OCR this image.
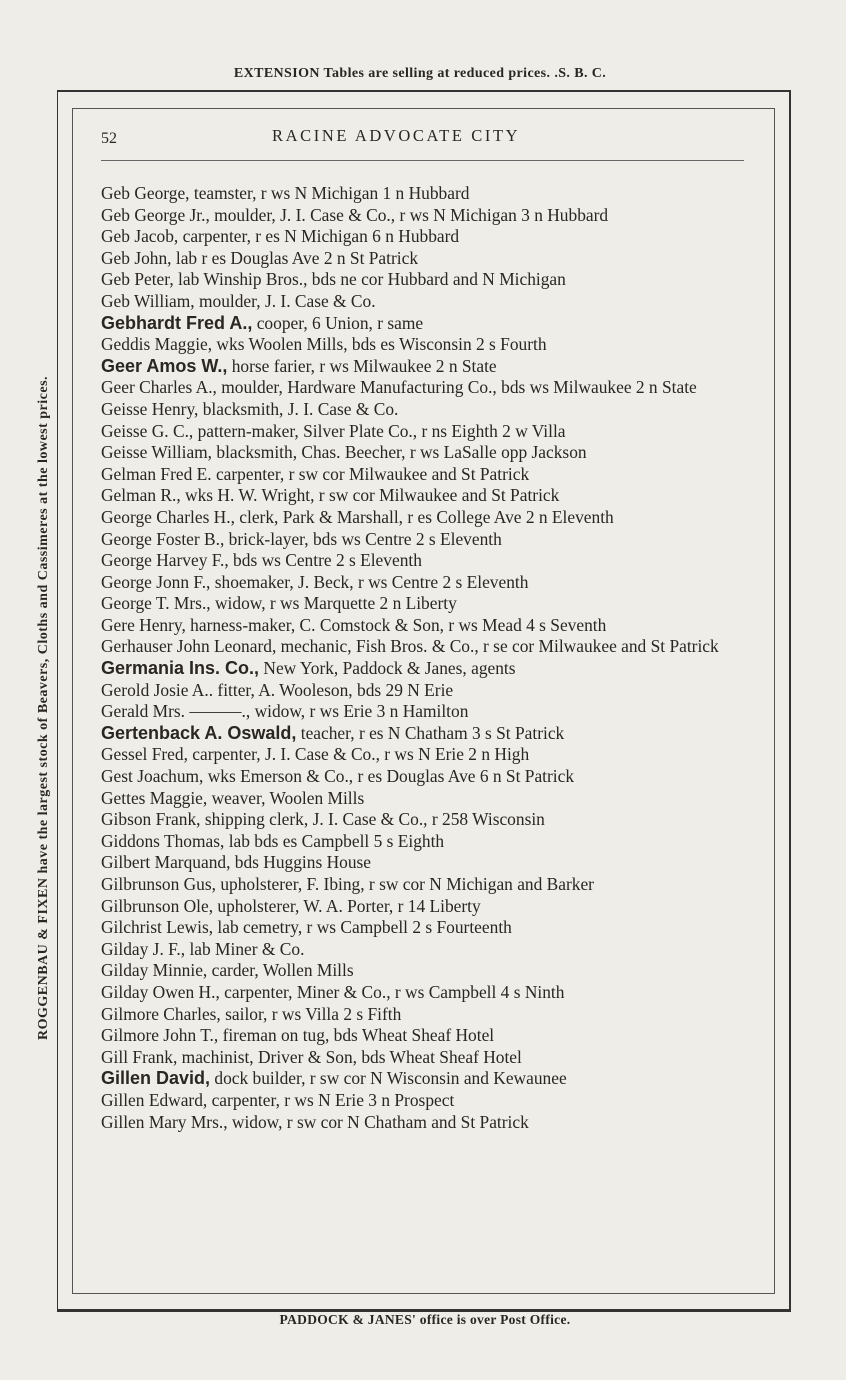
EXTENSION Tables are selling at reduced prices. .S. B. C.
ROGGENBAU & FIXEN have the largest stock of Beavers, Cloths and Cassimeres at the lowest prices.
52	RACINE ADVOCATE CITY
Geb George, teamster, r ws N Michigan 1 n Hubbard
Geb George Jr., moulder, J. I. Case & Co., r ws N Michigan 3 n Hubbard
Geb Jacob, carpenter, r es N Michigan 6 n Hubbard
Geb John, lab r es Douglas Ave 2 n St Patrick
Geb Peter, lab Winship Bros., bds ne cor Hubbard and N Michigan
Geb William, moulder, J. I. Case & Co.
Gebhardt Fred A., cooper, 6 Union, r same
Geddis Maggie, wks Woolen Mills, bds es Wisconsin 2 s Fourth
Geer Amos W., horse farier, r ws Milwaukee 2 n State
Geer Charles A., moulder, Hardware Manufacturing Co., bds ws Milwaukee 2 n State
Geisse Henry, blacksmith, J. I. Case & Co.
Geisse G. C., pattern-maker, Silver Plate Co., r ns Eighth 2 w Villa
Geisse William, blacksmith, Chas. Beecher, r ws LaSalle opp Jackson
Gelman Fred E. carpenter, r sw cor Milwaukee and St Patrick
Gelman R., wks H. W. Wright, r sw cor Milwaukee and St Patrick
George Charles H., clerk, Park & Marshall, r es College Ave 2 n Eleventh
George Foster B., brick-layer, bds ws Centre 2 s Eleventh
George Harvey F., bds ws Centre 2 s Eleventh
George Jonn F., shoemaker, J. Beck, r ws Centre 2 s Eleventh
George T. Mrs., widow, r ws Marquette 2 n Liberty
Gere Henry, harness-maker, C. Comstock & Son, r ws Mead 4 s Seventh
Gerhauser John Leonard, mechanic, Fish Bros. & Co., r se cor Milwaukee and St Patrick
Germania Ins. Co., New York, Paddock & Janes, agents
Gerold Josie A.. fitter, A. Wooleson, bds 29 N Erie
Gerald Mrs. ———., widow, r ws Erie 3 n Hamilton
Gertenback A. Oswald, teacher, r es N Chatham 3 s St Patrick
Gessel Fred, carpenter, J. I. Case & Co., r ws N Erie 2 n High
Gest Joachum, wks Emerson & Co., r es Douglas Ave 6 n St Patrick
Gettes Maggie, weaver, Woolen Mills
Gibson Frank, shipping clerk, J. I. Case & Co., r 258 Wisconsin
Giddons Thomas, lab bds es Campbell 5 s Eighth
Gilbert Marquand, bds Huggins House
Gilbrunson Gus, upholsterer, F. Ibing, r sw cor N Michigan and Barker
Gilbrunson Ole, upholsterer, W. A. Porter, r 14 Liberty
Gilchrist Lewis, lab cemetry, r ws Campbell 2 s Fourteenth
Gilday J. F., lab Miner & Co.
Gilday Minnie, carder, Wollen Mills
Gilday Owen H., carpenter, Miner & Co., r ws Campbell 4 s Ninth
Gilmore Charles, sailor, r ws Villa 2 s Fifth
Gilmore John T., fireman on tug, bds Wheat Sheaf Hotel
Gill Frank, machinist, Driver & Son, bds Wheat Sheaf Hotel
Gillen David, dock builder, r sw cor N Wisconsin and Kewaunee
Gillen Edward, carpenter, r ws N Erie 3 n Prospect
Gillen Mary Mrs., widow, r sw cor N Chatham and St Patrick
PADDOCK & JANES' office is over Post Office.
